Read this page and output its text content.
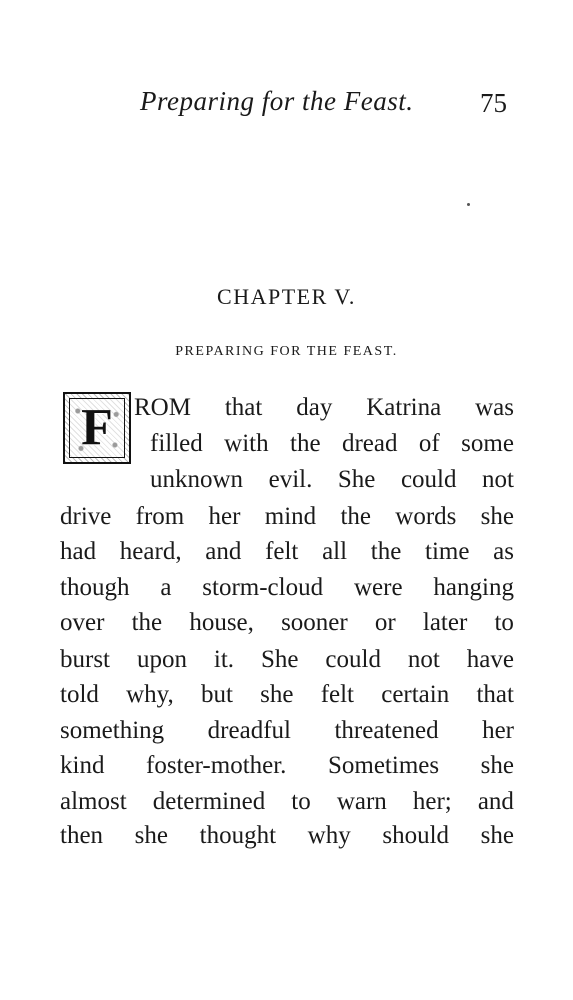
Preparing for the Feast. 75
CHAPTER V.
PREPARING FOR THE FEAST.
F ROM that day Katrina was
filled with the dread of some
unknown evil. She could not
drive from her mind the words she
had heard, and felt all the time as
though a storm-cloud were hanging
over the house, sooner or later to
burst upon it. She could not have
told why, but she felt certain that
something dreadful threatened her
kind foster-mother. Sometimes she
almost determined to warn her; and
then she thought why should she
